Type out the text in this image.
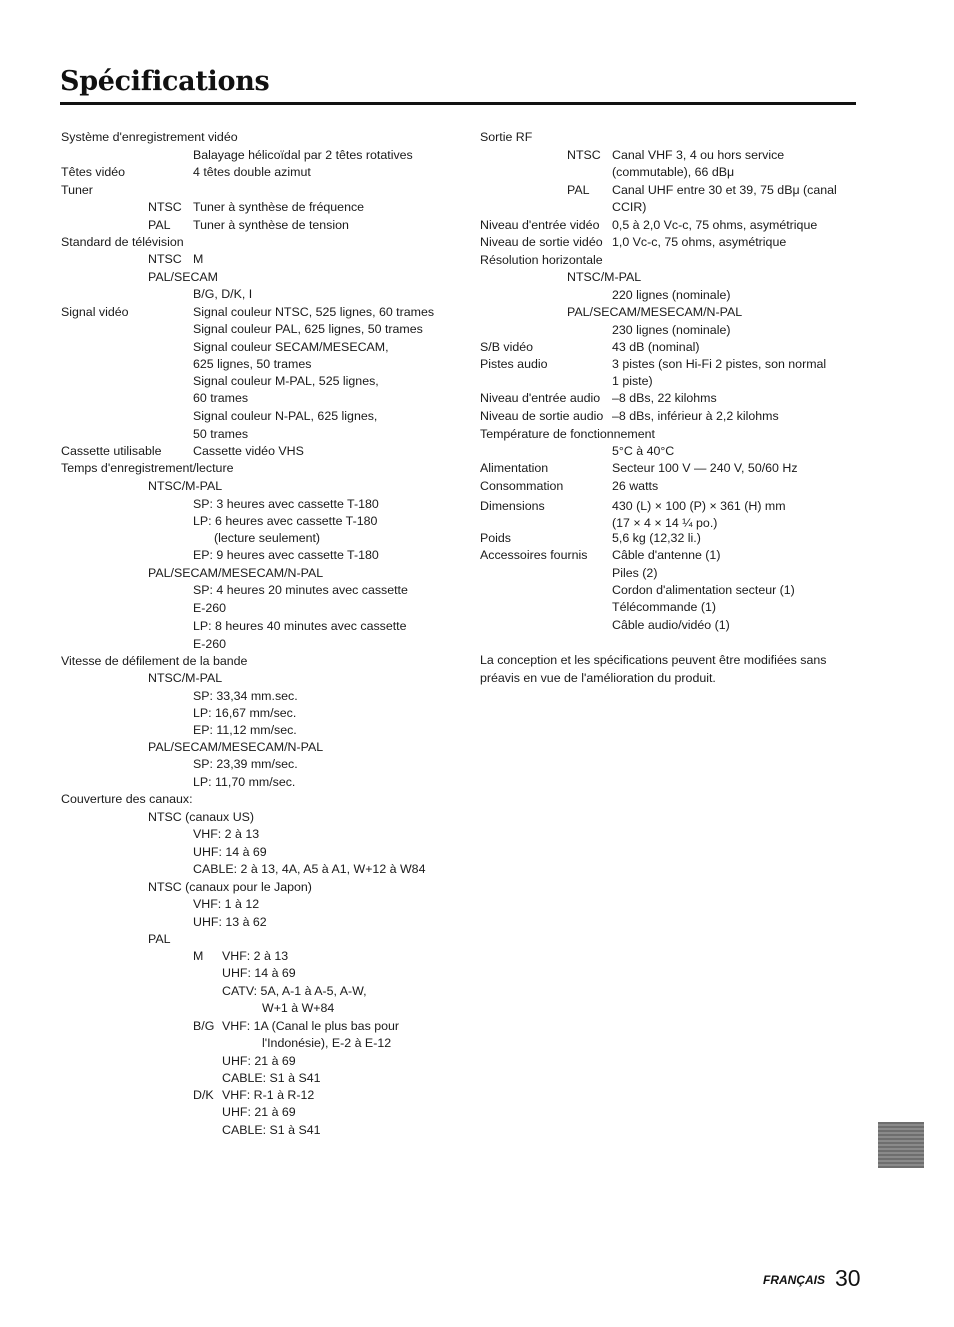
Spécifications
Système d'enregistrement vidéo
Balayage hélicoïdal par 2 têtes rotatives
Têtes vidéo	4 têtes double azimut
Tuner
NTSC Tuner à synthèse de fréquence
PAL Tuner à synthèse de tension
Standard de télévision
NTSC M
PAL/SECAM
B/G, D/K, I
Signal vidéo	Signal couleur NTSC, 525 lignes, 60 trames
Signal couleur PAL, 625 lignes, 50 trames
Signal couleur SECAM/MESECAM,
625 lignes, 50 trames
Signal couleur M-PAL, 525 lignes,
60 trames
Signal couleur N-PAL, 625 lignes,
50 trames
Cassette utilisable	Cassette vidéo VHS
Temps d'enregistrement/lecture
NTSC/M-PAL
SP: 3 heures avec cassette T-180
LP: 6 heures avec cassette T-180
(lecture seulement)
EP: 9 heures avec cassette T-180
PAL/SECAM/MESECAM/N-PAL
SP: 4 heures 20 minutes avec cassette
E-260
LP: 8 heures 40 minutes avec cassette
E-260
Vitesse de défilement de la bande
NTSC/M-PAL
SP: 33,34 mm.sec.
LP: 16,67 mm/sec.
EP: 11,12 mm/sec.
PAL/SECAM/MESECAM/N-PAL
SP: 23,39 mm/sec.
LP: 11,70 mm/sec.
Couverture des canaux:
NTSC (canaux US)
VHF: 2 à 13
UHF: 14 à 69
CABLE: 2 à 13, 4A, A5 à A1, W+12 à W84
NTSC (canaux pour le Japon)
VHF: 1 à 12
UHF: 13 à 62
PAL
M VHF: 2 à 13
UHF: 14 à 69
CATV: 5A, A-1 à A-5, A-W,
W+1 à W+84
B/G VHF: 1A (Canal le plus bas pour
l'Indonésie), E-2 à E-12
UHF: 21 à 69
CABLE: S1 à S41
D/K VHF: R-1 à R-12
UHF: 21 à 69
CABLE: S1 à S41
Sortie RF
NTSC Canal VHF 3, 4 ou hors service
(commutable), 66 dBμ
PAL Canal UHF entre 30 et 39, 75 dBμ (canal
CCIR)
Niveau d'entrée vidéo 0,5 à 2,0 Vc-c, 75 ohms, asymétrique
Niveau de sortie vidéo 1,0 Vc-c, 75 ohms, asymétrique
Résolution horizontale
NTSC/M-PAL
220 lignes (nominale)
PAL/SECAM/MESECAM/N-PAL
230 lignes (nominale)
S/B vidéo	43 dB (nominal)
Pistes audio	3 pistes (son Hi-Fi 2 pistes, son normal
1 piste)
Niveau d'entrée audio –8 dBs, 22 kilohms
Niveau de sortie audio –8 dBs, inférieur à 2,2 kilohms
Température de fonctionnement
5°C à 40°C
Alimentation	Secteur 100 V — 240 V, 50/60 Hz
Consommation	26 watts
Dimensions	430 (L) × 100 (P) × 361 (H) mm
(17 × 4 × 14 ¼ po.)
Poids	5,6 kg (12,32 li.)
Accessoires fournis Câble d'antenne (1)
Piles (2)
Cordon d'alimentation secteur (1)
Télécommande (1)
Câble audio/vidéo (1)
La conception et les spécifications peuvent être modifiées sans
préavis en vue de l'amélioration du produit.
FRANÇAIS 30
